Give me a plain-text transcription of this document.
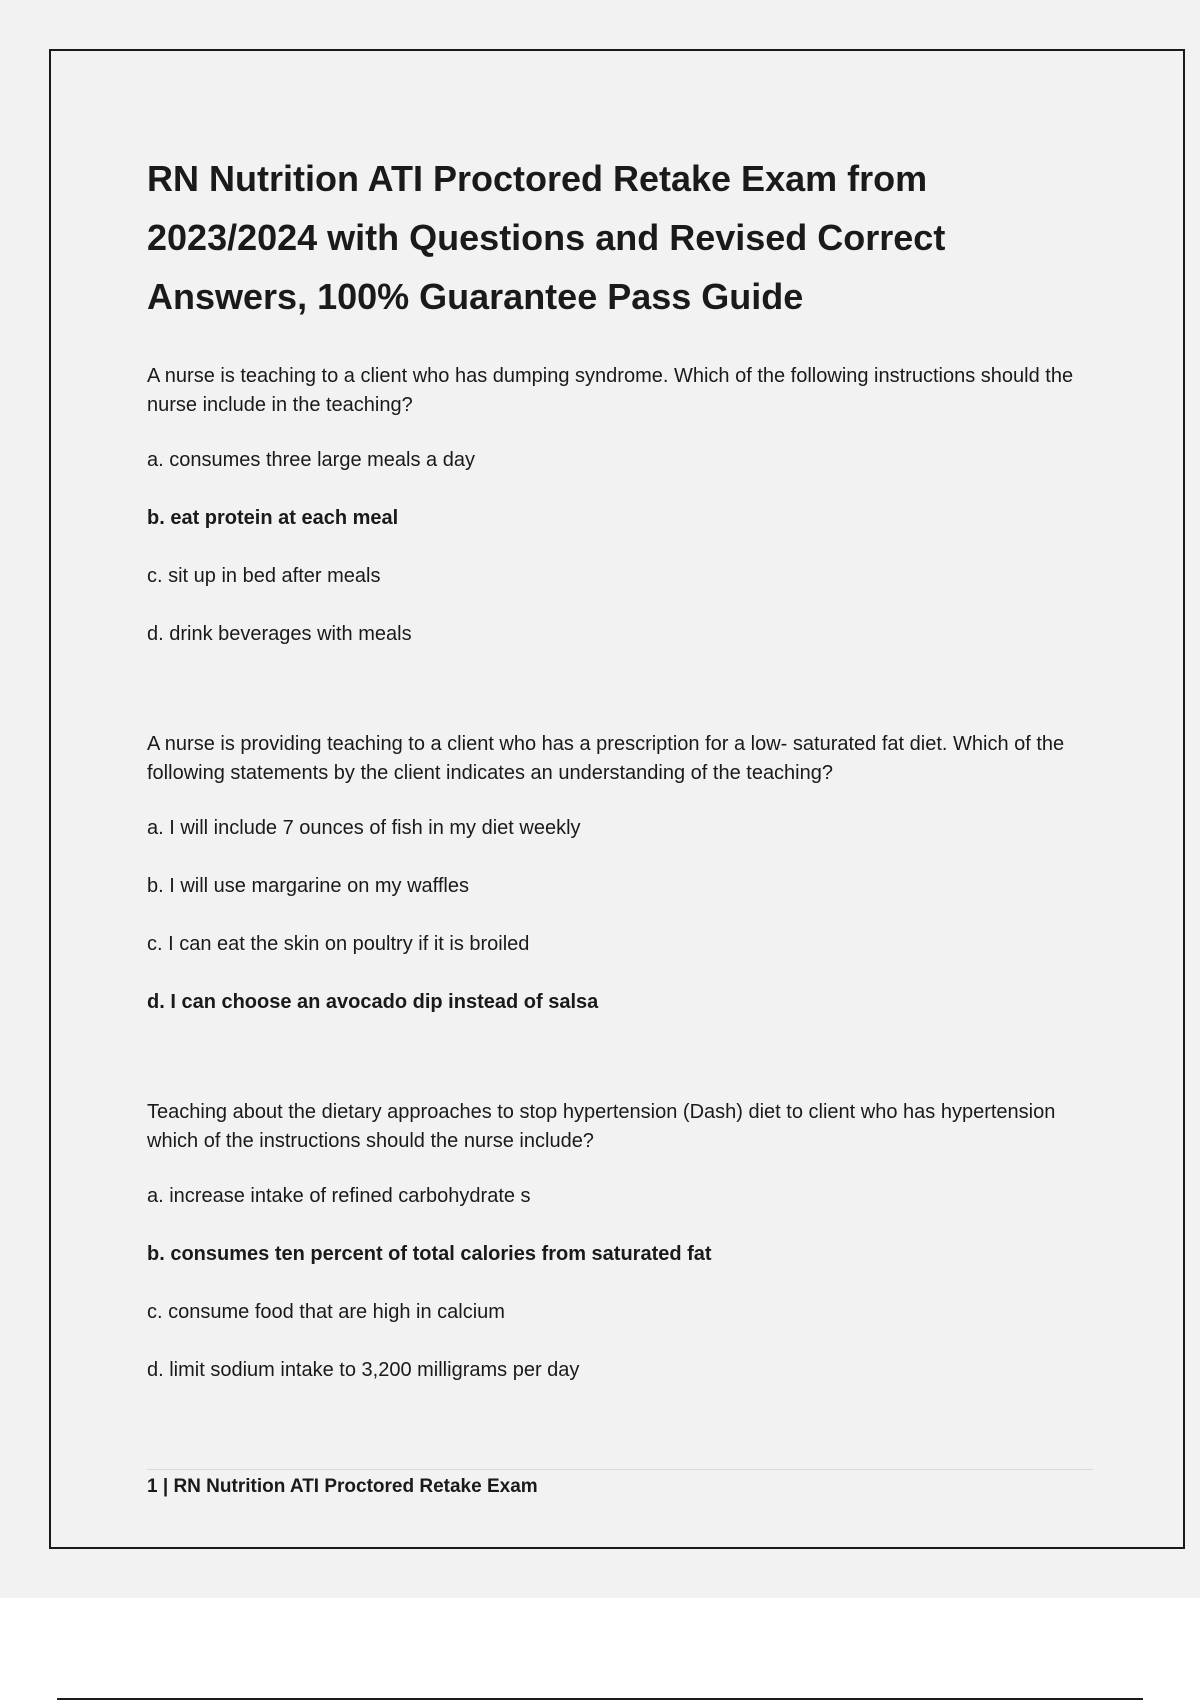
RN Nutrition ATI Proctored Retake Exam from 2023/2024 with Questions and Revised Correct Answers, 100% Guarantee Pass Guide

A nurse is teaching to a client who has dumping syndrome. Which of the following instructions should the nurse include in the teaching?

a. consumes three large meals a day

b. eat protein at each meal

c. sit up in bed after meals

d. drink beverages with meals

A nurse is providing teaching to a client who has a prescription for a low- saturated fat diet. Which of the following statements by the client indicates an understanding of the teaching?

a. I will include 7 ounces of fish in my diet weekly

b. I will use margarine on my waffles

c. I can eat the skin on poultry if it is broiled

d. I can choose an avocado dip instead of salsa

Teaching about the dietary approaches to stop hypertension (Dash) diet to client who has hypertension which of the instructions should the nurse include?

a. increase intake of refined carbohydrate s

b. consumes ten percent of total calories from saturated fat

c. consume food that are high in calcium

d. limit sodium intake to 3,200 milligrams per day

1 | RN Nutrition ATI Proctored Retake Exam
